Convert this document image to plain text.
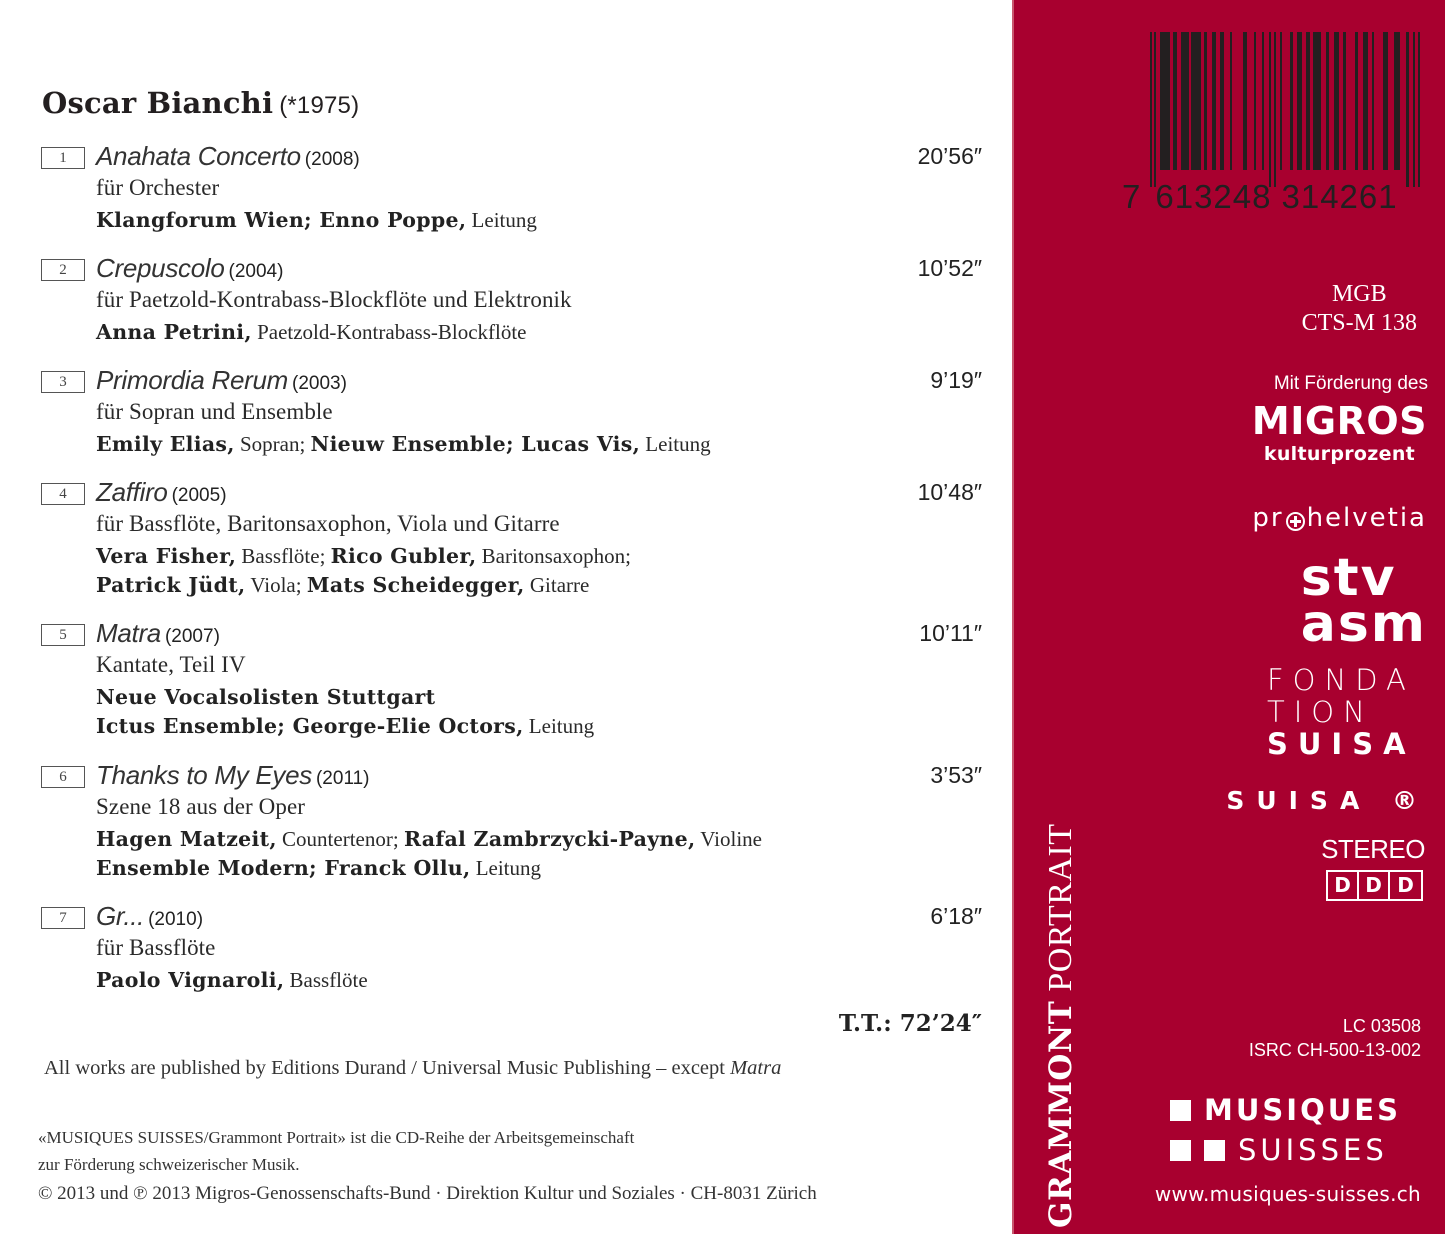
Oscar Bianchi (*1975)
1	Anahata Concerto (2008)	20’56″
für Orchester
Klangforum Wien; Enno Poppe, Leitung
2	Crepuscolo (2004)	10’52″
für Paetzold-Kontrabass-Blockflöte und Elektronik
Anna Petrini, Paetzold-Kontrabass-Blockflöte
3	Primordia Rerum (2003)	9’19″
für Sopran und Ensemble
Emily Elias, Sopran; Nieuw Ensemble; Lucas Vis, Leitung
4	Zaffiro (2005)	10’48″
für Bassflöte, Baritonsaxophon, Viola und Gitarre
Vera Fisher, Bassflöte; Rico Gubler, Baritonsaxophon;
Patrick Jüdt, Viola; Mats Scheidegger, Gitarre
5	Matra (2007)	10’11″
Kantate, Teil IV
Neue Vocalsolisten Stuttgart
Ictus Ensemble; George-Elie Octors, Leitung
6	Thanks to My Eyes (2011)	3’53″
Szene 18 aus der Oper
Hagen Matzeit, Countertenor; Rafal Zambrzycki-Payne, Violine
Ensemble Modern; Franck Ollu, Leitung
7	Gr... (2010)	6’18″
für Bassflöte
Paolo Vignaroli, Bassflöte
T.T.: 72’24″
All works are published by Editions Durand / Universal Music Publishing – except Matra
«MUSIQUES SUISSES/Grammont Portrait» ist die CD-Reihe der Arbeitsgemeinschaft
zur Förderung schweizerischer Musik.
© 2013 und ℗ 2013 Migros-Genossenschafts-Bund · Direktion Kultur und Soziales · CH-8031 Zürich
7 613248 314261
MGB
CTS-M 138
Mit Förderung des
MIGROS
kulturprozent
pr helvetia
stv
asm
FONDA
TION
SUISA
SUISA ®
STEREO
D D D
GRAMMONT PORTRAIT
LC 03508
ISRC CH-500-13-002
MUSIQUES
SUISSES
www.musiques-suisses.ch
